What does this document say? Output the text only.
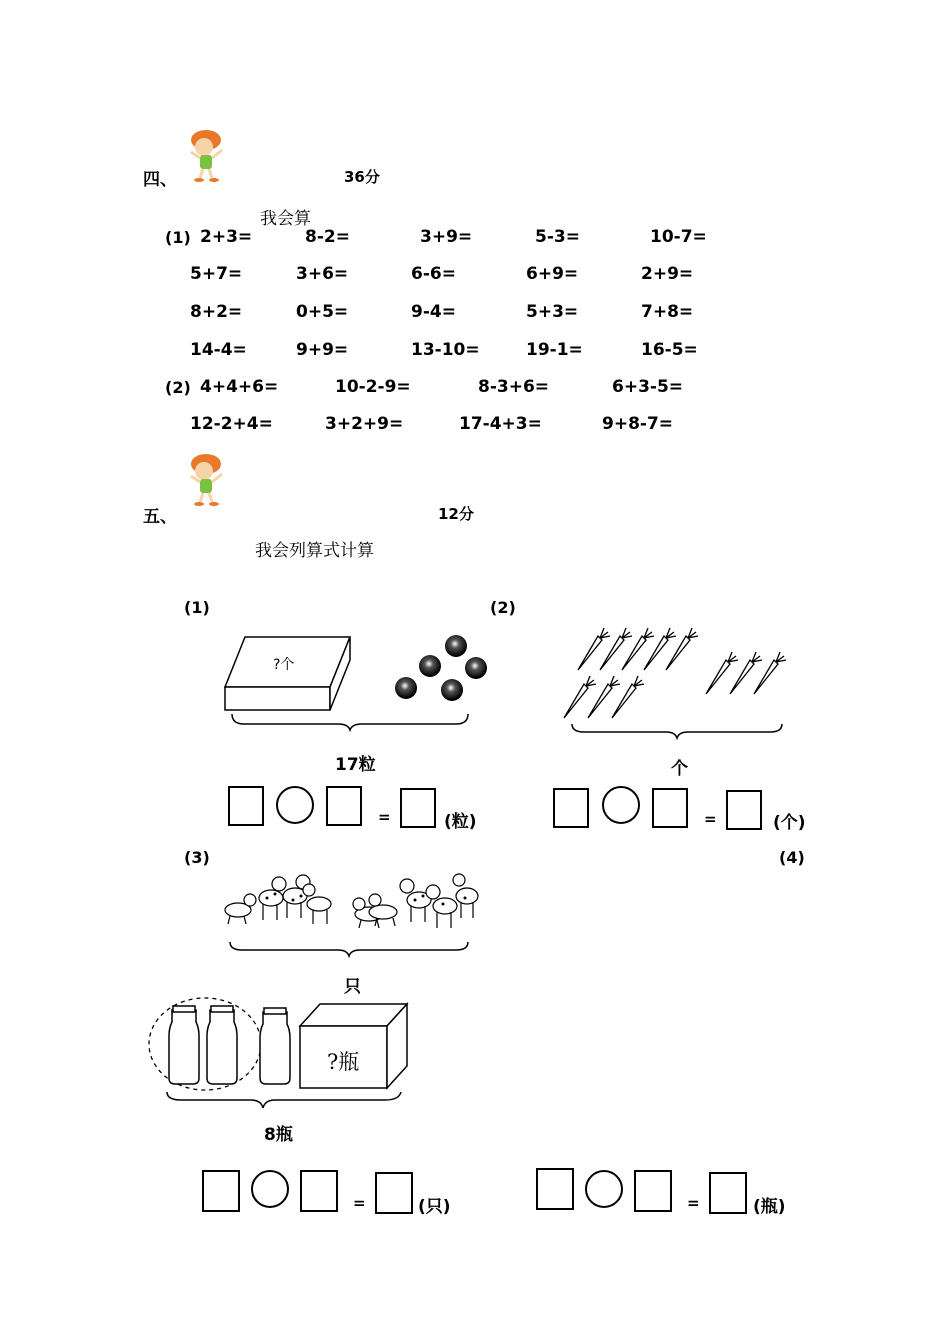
四、	36分
我会算
(1)
(2)
2+3=	8-2=	3+9=	5-3=	10-7=
5+7=	3+6=	6-6=	6+9=	2+9=
8+2=	0+5=	9-4=	5+3=	7+8=
14-4=	9+9=	13-10=	19-1=	16-5=
4+4+6=	10-2-9=	8-3+6=	6+3-5=
12-2+4=	3+2+9=	17-4+3=	9+8-7=
五、	12分
我会列算式计算
(1)
?个
17粒
=	(粒)
(2)
个
=	(个)
(3)
只
(4)
?瓶
8瓶
=	(只)	=	(瓶)
